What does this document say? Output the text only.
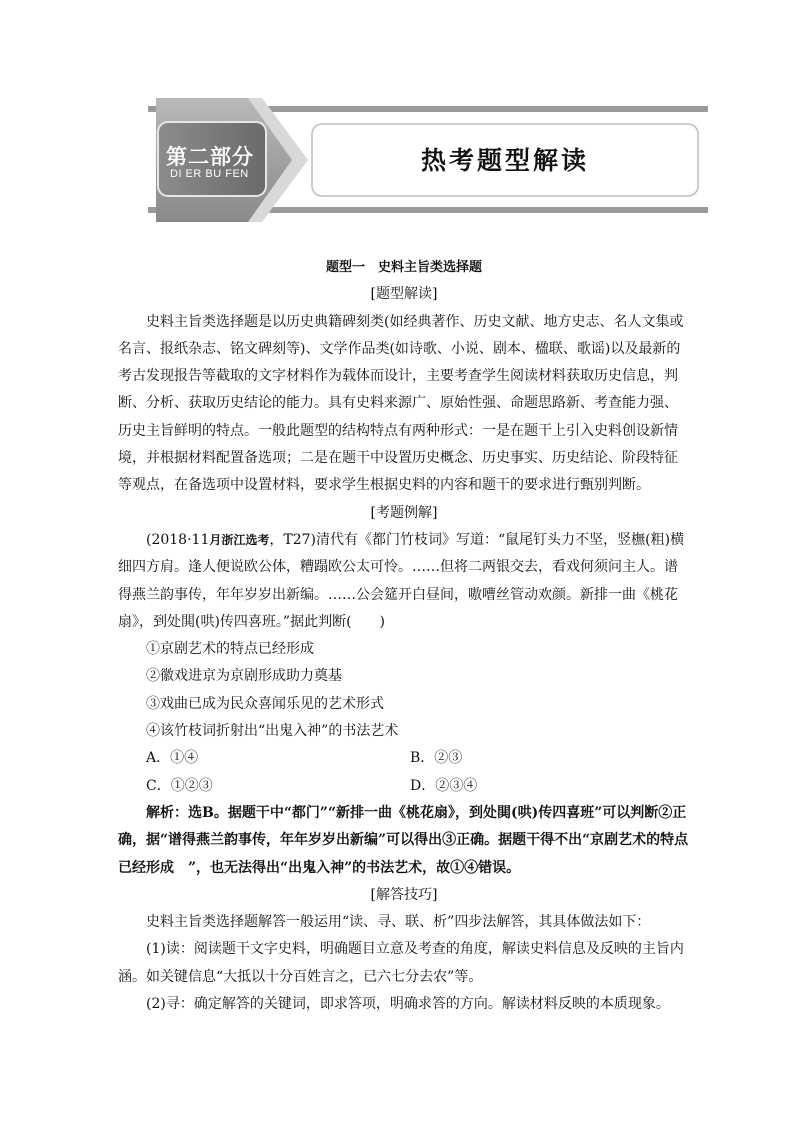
第二部分
DI ER BU FEN	热考题型解读

题型一　史料主旨类选择题

[题型解读]

史料主旨类选择题是以历史典籍碑刻类(如经典著作、历史文献、地方史志、名人文集或名言、报纸杂志、铭文碑刻等)、文学作品类(如诗歌、小说、剧本、楹联、歌谣)以及最新的考古发现报告等截取的文字材料作为载体而设计，主要考查学生阅读材料获取历史信息，判断、分析、获取历史结论的能力。具有史料来源广、原始性强、命题思路新、考查能力强、历史主旨鲜明的特点。一般此题型的结构特点有两种形式：一是在题干上引入史料创设新情境，并根据材料配置备选项；二是在题干中设置历史概念、历史事实、历史结论、阶段特征等观点，在备选项中设置材料，要求学生根据史料的内容和题干的要求进行甄别判断。

[考题例解]

(2018·11月浙江选考，T27)清代有《都门竹枝词》写道：“鼠尾钉头力不坚，竖橅(粗)横细四方肩。逢人便说欧公体，糟蹋欧公太可怜。……但将二两银交去，看戏何须问主人。谱得燕兰韵事传，年年岁岁出新编。……公会筵开白昼间，嗷嘈丝管动欢颜。新排一曲《桃花扇》，到处閧(哄)传四喜班。”据此判断(　　)

①京剧艺术的特点已经形成

②徽戏进京为京剧形成助力奠基

③戏曲已成为民众喜闻乐见的艺术形式

④该竹枝词折射出“出鬼入神”的书法艺术

A．①④	B．②③

C．①②③	D．②③④

解析：选B。据题干中“都门”“新排一曲《桃花扇》，到处閧(哄)传四喜班”可以判断②正确，据“谱得燕兰韵事传，年年岁岁出新编”可以得出③正确。据题干得不出“京剧艺术的特点已经形成　”，也无法得出“出鬼入神”的书法艺术，故①④错误。

[解答技巧]

史料主旨类选择题解答一般运用“读、寻、联、析”四步法解答，其具体做法如下：

(1)读：阅读题干文字史料，明确题目立意及考查的角度，解读史料信息及反映的主旨内涵。如关键信息“大抵以十分百姓言之，已六七分去农”等。

(2)寻：确定解答的关键词，即求答项，明确求答的方向。解读材料反映的本质现象。
